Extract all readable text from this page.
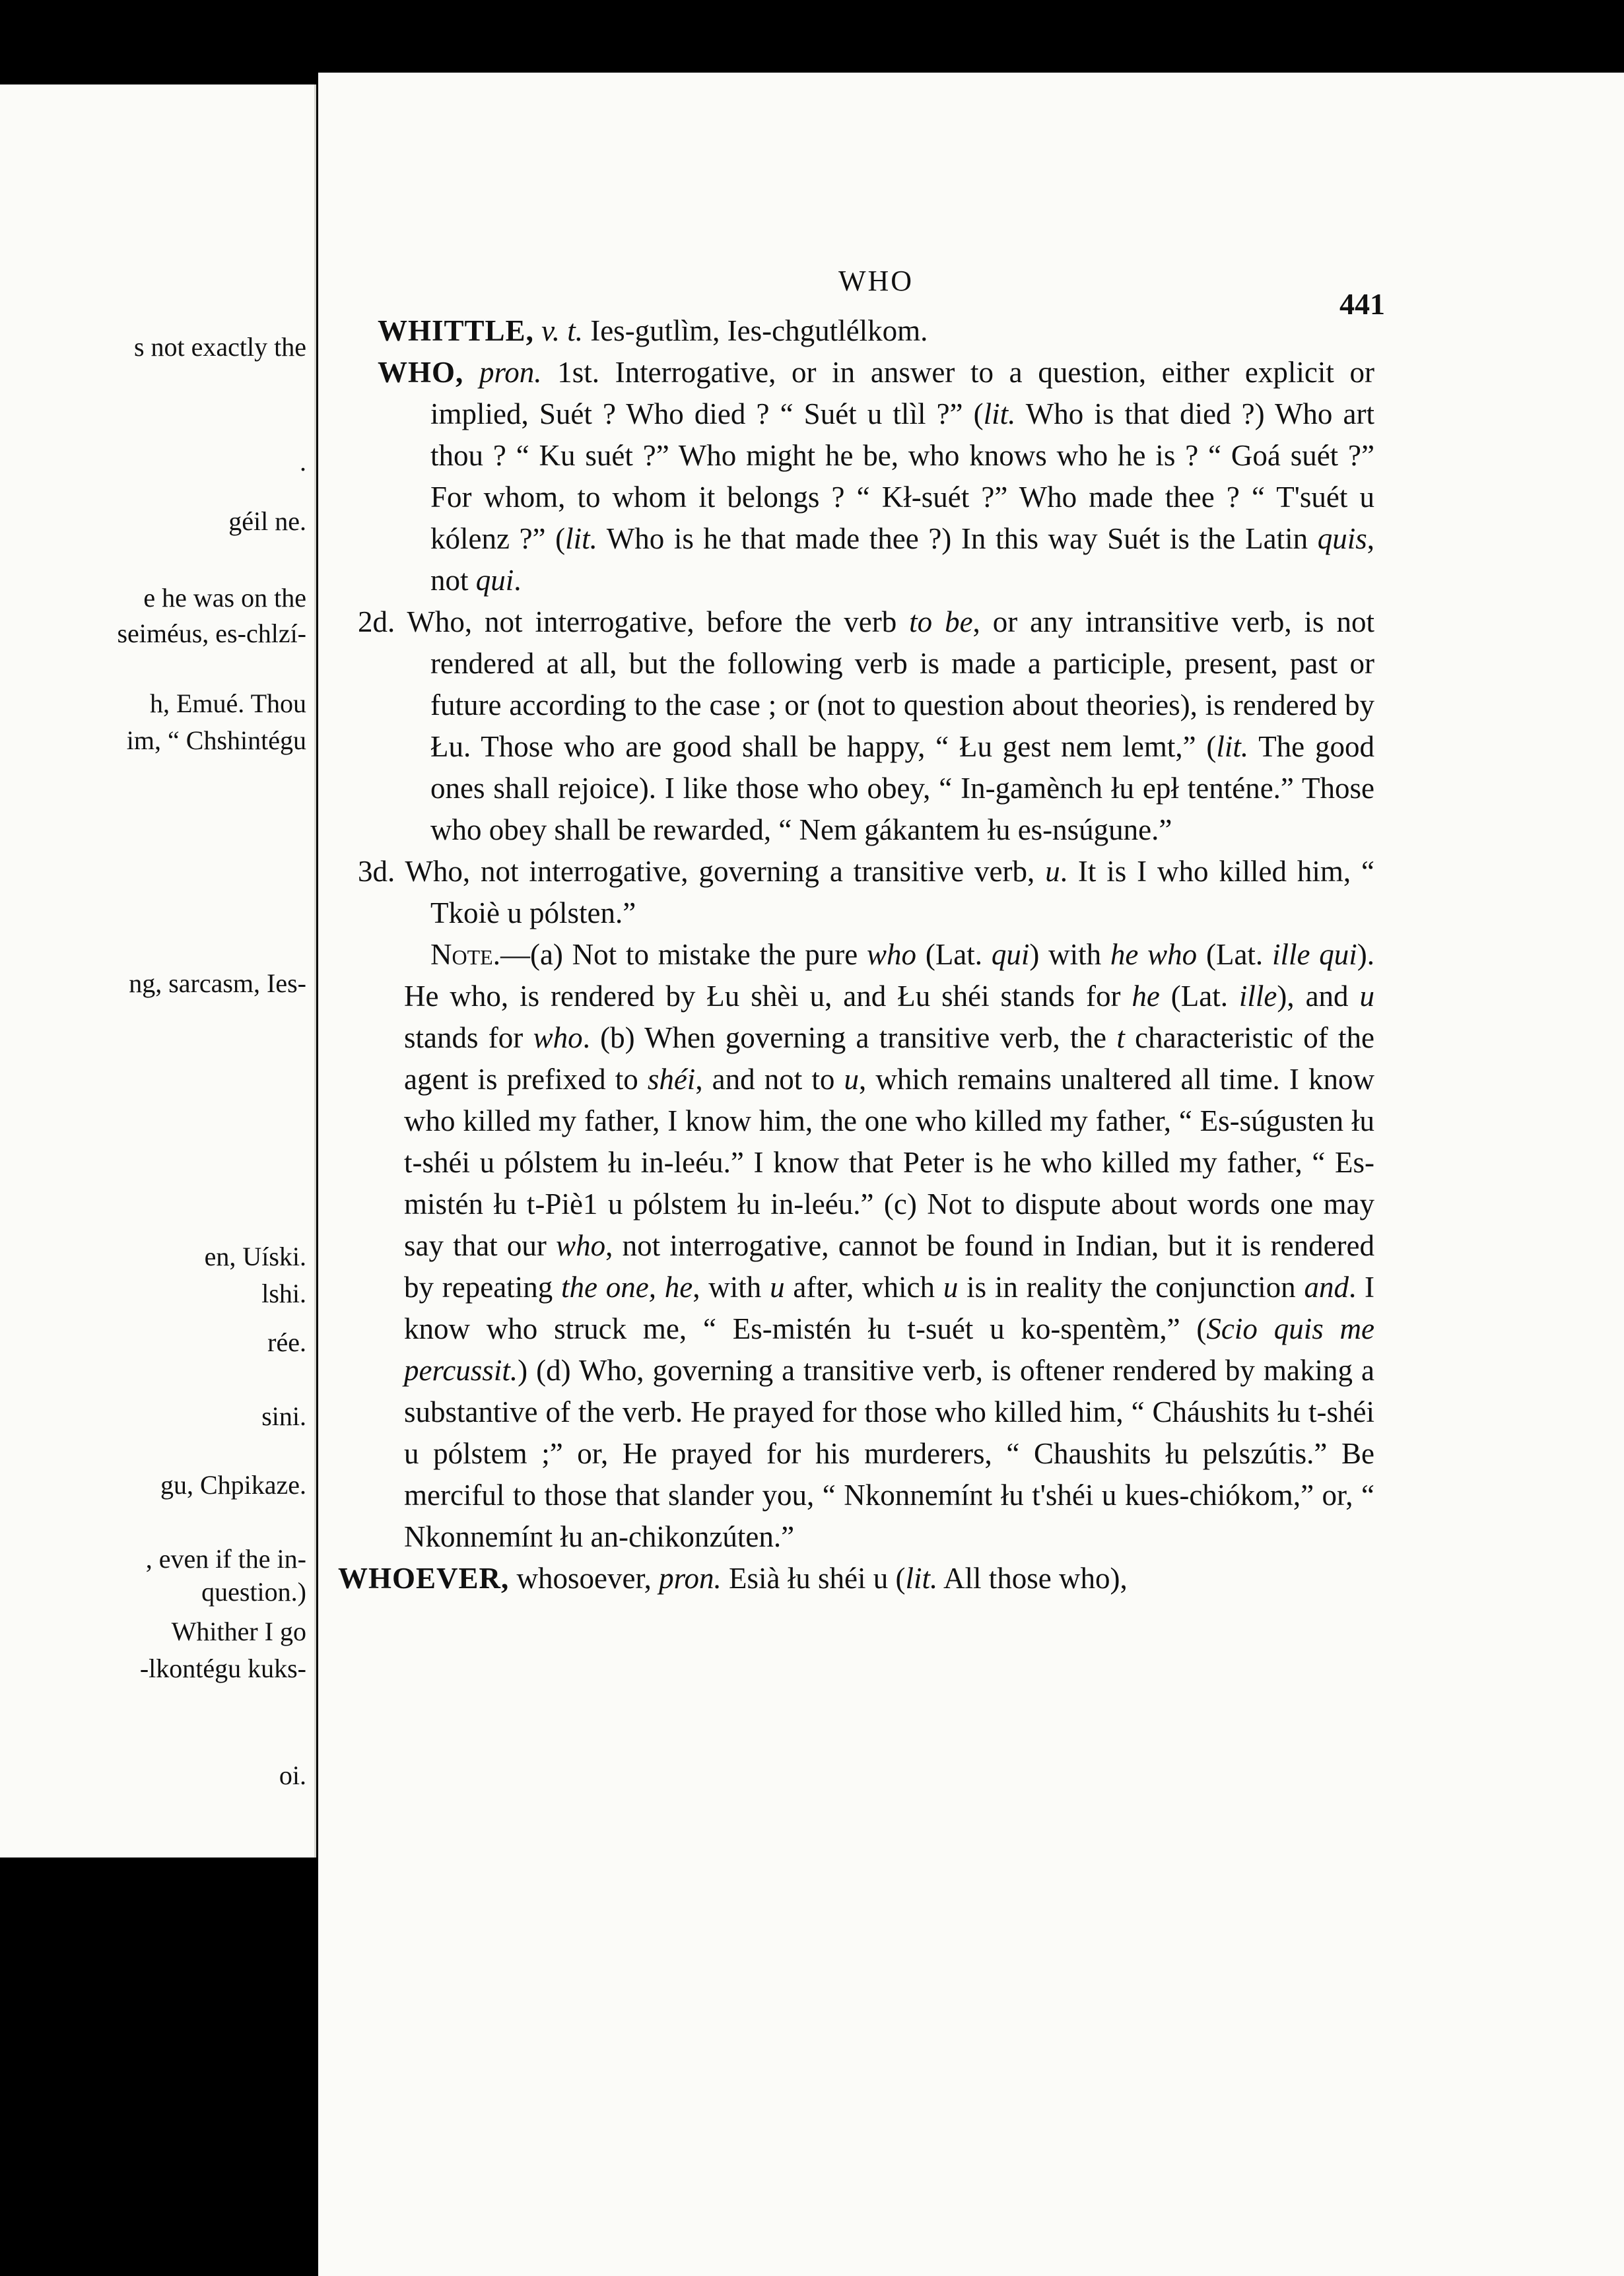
s not exactly the
.
géil ne.
e he was on the
seiméus, es-chlzí-
h, Emué. Thou
im, “ Chshintégu
ng, sarcasm, Ies-
en, Uíski.
lshi.
rée.
sini.
gu, Chpikaze.
, even if the in-
question.)
Whither I go
-lkontégu kuks-
oi.
WHO
441

WHITTLE, v. t. Ies-gutlìm, Ies-chgutlélkom.

WHO, pron. 1st. Interrogative, or in answer to a question, either explicit or implied, Suét ? Who died ? “ Suét u tlìl ?” (lit. Who is that died ?) Who art thou ? “ Ku suét ?” Who might he be, who knows who he is ? “ Goá suét ?” For whom, to whom it belongs ? “ Kł-suét ?” Who made thee ? “ T'suét u kólenz ?” (lit. Who is he that made thee ?) In this way Suét is the Latin quis, not qui.

2d. Who, not interrogative, before the verb to be, or any intransitive verb, is not rendered at all, but the following verb is made a participle, present, past or future according to the case ; or (not to question about theories), is rendered by Łu. Those who are good shall be happy, “ Łu gest nem lemt,” (lit. The good ones shall rejoice). I like those who obey, “ In-gamènch łu epł tenténe.” Those who obey shall be rewarded, “ Nem gákantem łu es-nsúgune.”

3d. Who, not interrogative, governing a transitive verb, u. It is I who killed him, “ Tkoiè u pólsten.”

Note.—(a) Not to mistake the pure who (Lat. qui) with he who (Lat. ille qui). He who, is rendered by Łu shèi u, and Łu shéi stands for he (Lat. ille), and u stands for who. (b) When governing a transitive verb, the t characteristic of the agent is prefixed to shéi, and not to u, which remains unaltered all time. I know who killed my father, I know him, the one who killed my father, “ Es-súgusten łu t-shéi u pólstem łu in-leéu.” I know that Peter is he who killed my father, “ Es-mistén łu t-Piè1 u pólstem łu in-leéu.” (c) Not to dispute about words one may say that our who, not interrogative, cannot be found in Indian, but it is rendered by repeating the one, he, with u after, which u is in reality the conjunction and. I know who struck me, “ Es-mistén łu t-suét u ko-spentèm,” (Scio quis me percussit.) (d) Who, governing a transitive verb, is oftener rendered by making a substantive of the verb. He prayed for those who killed him, “ Cháushits łu t-shéi u pólstem ;” or, He prayed for his murderers, “ Chaushits łu pelszútis.” Be merciful to those that slander you, “ Nkonnemínt łu t'shéi u kues-chiókom,” or, “ Nkonnemínt łu an-chikonzúten.”

WHOEVER, whosoever, pron. Esià łu shéi u (lit. All those who),
